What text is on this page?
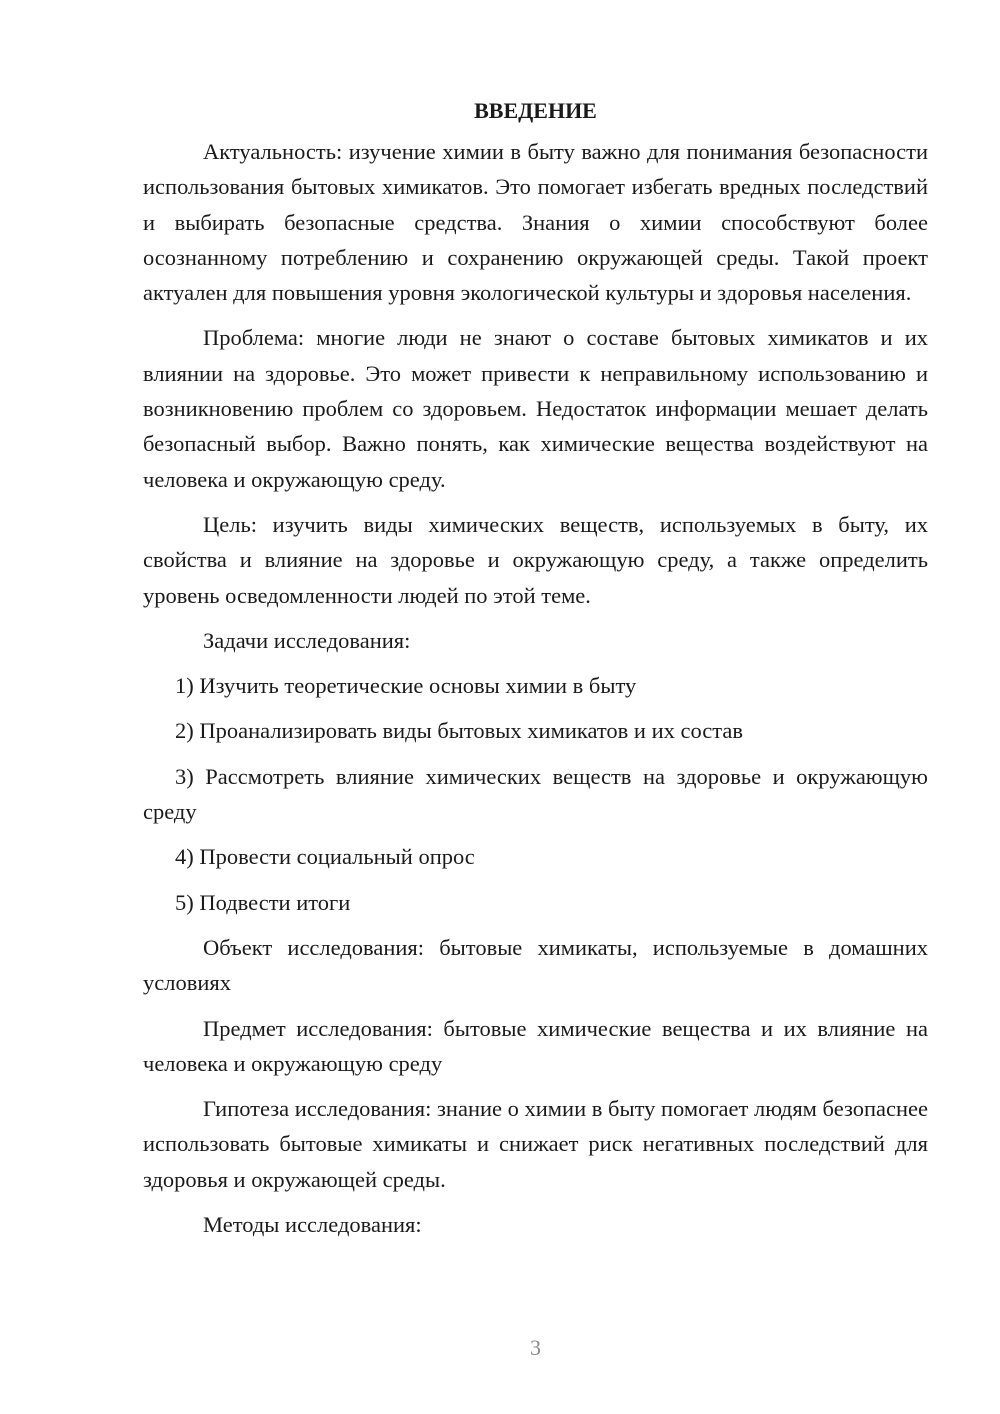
ВВЕДЕНИЕ

Актуальность: изучение химии в быту важно для понимания безопасности использования бытовых химикатов. Это помогает избегать вредных последствий и выбирать безопасные средства. Знания о химии способствуют более осознанному потреблению и сохранению окружающей среды. Такой проект актуален для повышения уровня экологической культуры и здоровья населения.

Проблема: многие люди не знают о составе бытовых химикатов и их влиянии на здоровье. Это может привести к неправильному использованию и возникновению проблем со здоровьем. Недостаток информации мешает делать безопасный выбор. Важно понять, как химические вещества воздействуют на человека и окружающую среду.

Цель: изучить виды химических веществ, используемых в быту, их свойства и влияние на здоровье и окружающую среду, а также определить уровень осведомленности людей по этой теме.

Задачи исследования:

1) Изучить теоретические основы химии в быту

2) Проанализировать виды бытовых химикатов и их состав

3) Рассмотреть влияние химических веществ на здоровье и окружающую среду

4) Провести социальный опрос

5) Подвести итоги

Объект исследования: бытовые химикаты, используемые в домашних условиях

Предмет исследования: бытовые химические вещества и их влияние на человека и окружающую среду

Гипотеза исследования: знание о химии в быту помогает людям безопаснее использовать бытовые химикаты и снижает риск негативных последствий для здоровья и окружающей среды.

Методы исследования:

3
